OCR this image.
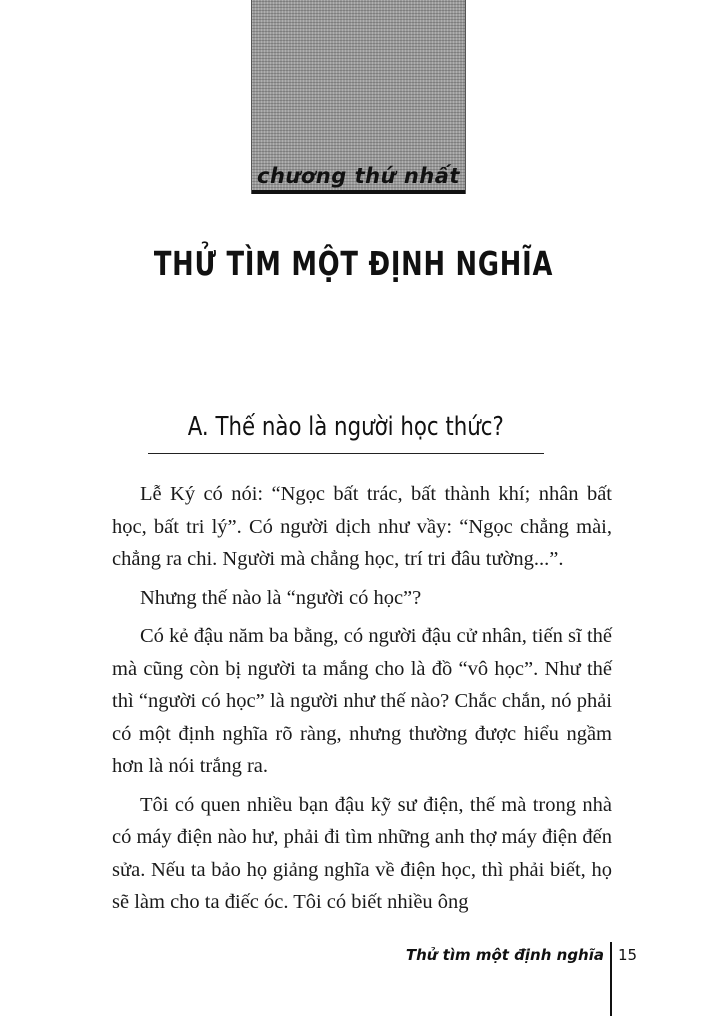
chương thứ nhất
THỬ TÌM MỘT ĐỊNH NGHĨA
A. Thế nào là người học thức?

Lễ Ký có nói: “Ngọc bất trác, bất thành khí; nhân bất học, bất tri lý”. Có người dịch như vầy: “Ngọc chẳng mài, chẳng ra chi. Người mà chẳng học, trí tri đâu tường...”.

Nhưng thế nào là “người có học”?

Có kẻ đậu năm ba bằng, có người đậu cử nhân, tiến sĩ thế mà cũng còn bị người ta mắng cho là đồ “vô học”. Như thế thì “người có học” là người như thế nào? Chắc chắn, nó phải có một định nghĩa rõ ràng, nhưng thường được hiểu ngầm hơn là nói trắng ra.

Tôi có quen nhiều bạn đậu kỹ sư điện, thế mà trong nhà có máy điện nào hư, phải đi tìm những anh thợ máy điện đến sửa. Nếu ta bảo họ giảng nghĩa về điện học, thì phải biết, họ sẽ làm cho ta điếc óc. Tôi có biết nhiều ông

Thử tìm một định nghĩa 15
